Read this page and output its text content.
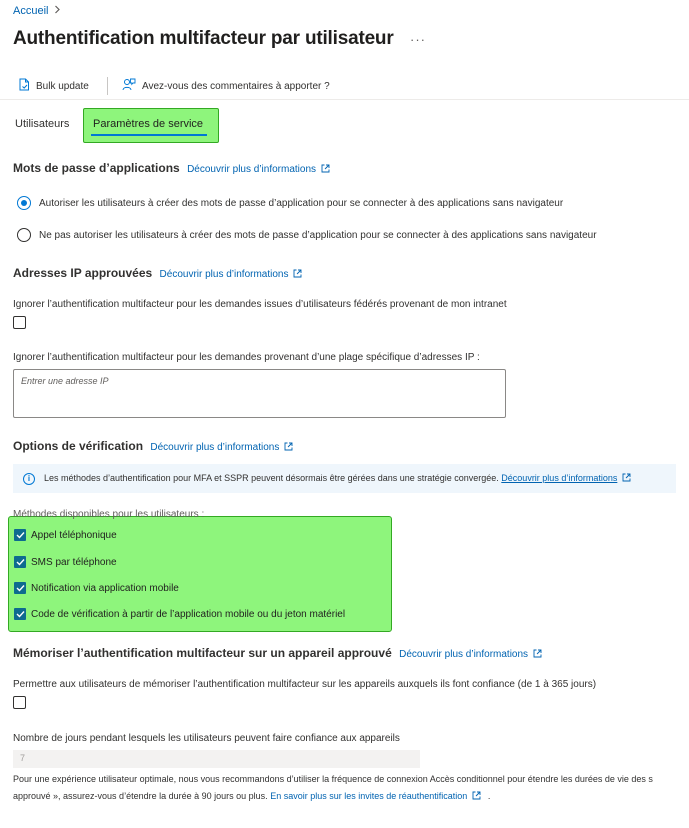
Accueil
Authentification multifacteur par utilisateur ···
Bulk update	Avez-vous des commentaires à apporter ?
Utilisateurs Paramètres de service
Mots de passe d’applications Découvrir plus d’informations
Autoriser les utilisateurs à créer des mots de passe d’application pour se connecter à des applications sans navigateur
Ne pas autoriser les utilisateurs à créer des mots de passe d’application pour se connecter à des applications sans navigateur
Adresses IP approuvées Découvrir plus d’informations
Ignorer l’authentification multifacteur pour les demandes issues d’utilisateurs fédérés provenant de mon intranet
Ignorer l’authentification multifacteur pour les demandes provenant d’une plage spécifique d’adresses IP :
Entrer une adresse IP
Options de vérification Découvrir plus d’informations
i	Les méthodes d’authentification pour MFA et SSPR peuvent désormais être gérées dans une stratégie convergée. Découvrir plus d’informations
Méthodes disponibles pour les utilisateurs :
Appel téléphonique
SMS par téléphone
Notification via application mobile
Code de vérification à partir de l’application mobile ou du jeton matériel
Mémoriser l’authentification multifacteur sur un appareil approuvé Découvrir plus d’informations
Permettre aux utilisateurs de mémoriser l’authentification multifacteur sur les appareils auxquels ils font confiance (de 1 à 365 jours)
Nombre de jours pendant lesquels les utilisateurs peuvent faire confiance aux appareils
7
Pour une expérience utilisateur optimale, nous vous recommandons d’utiliser la fréquence de connexion Accès conditionnel pour étendre les durées de vie des s
approuvé », assurez-vous d’étendre la durée à 90 jours ou plus. En savoir plus sur les invites de réauthentification .
